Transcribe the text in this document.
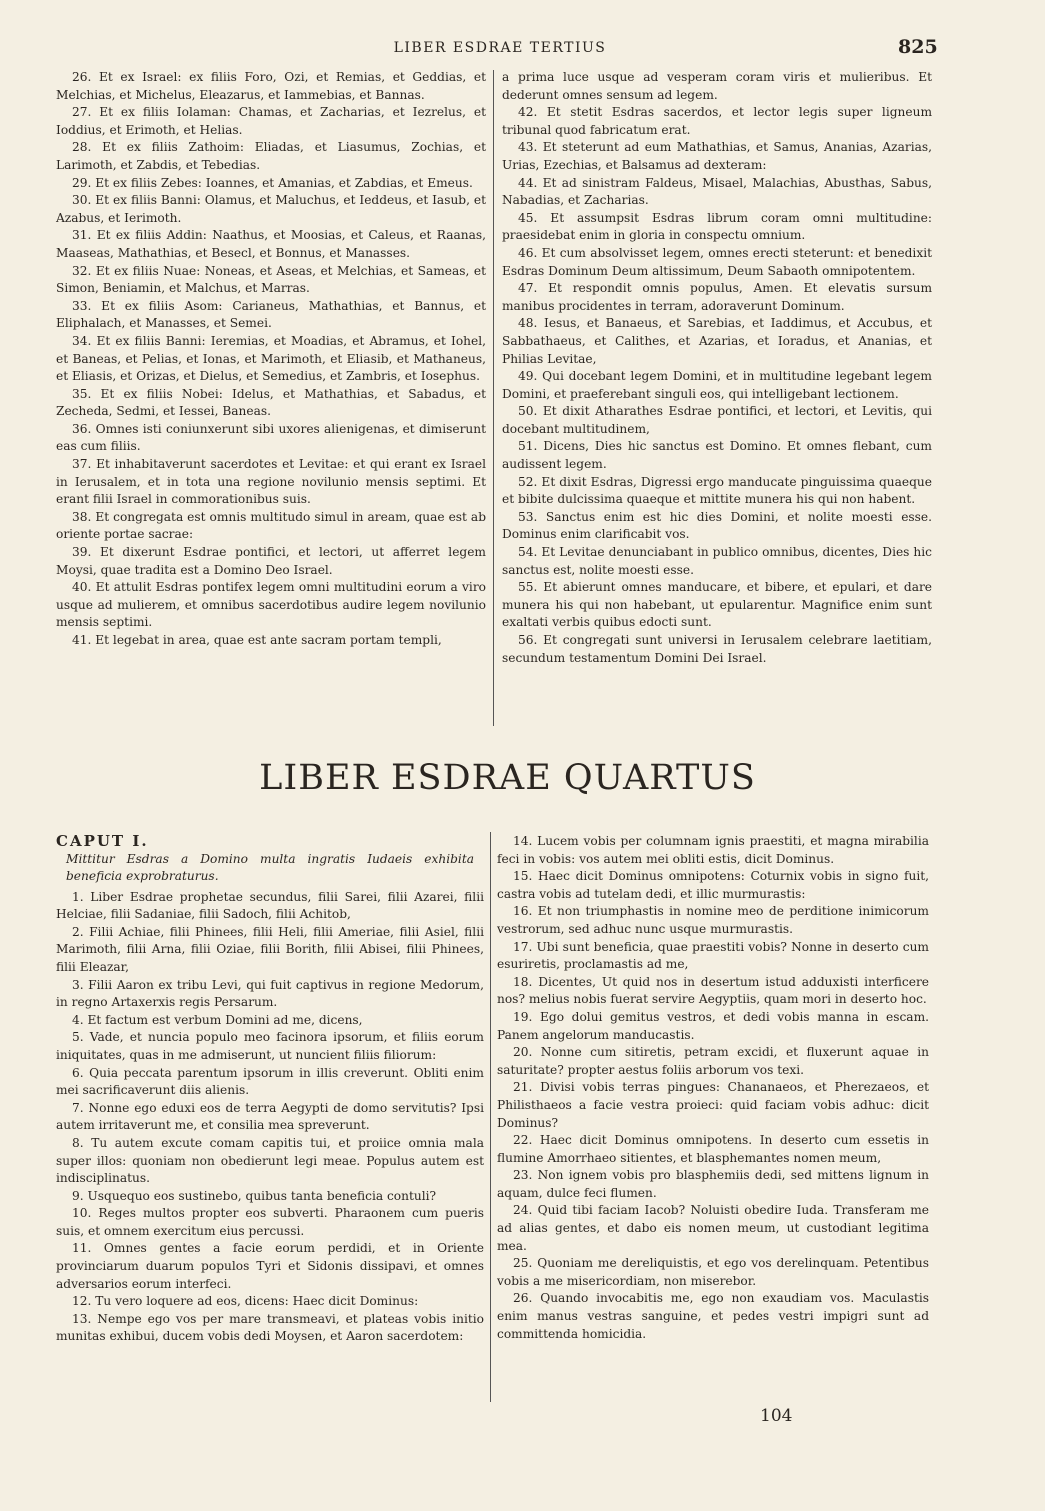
LIBER ESDRAE TERTIUS	825

26. Et ex Israel: ex filiis Foro, Ozi, et Remias, et Geddias, et Melchias, et Michelus, Eleazarus, et Iammebias, et Bannas.

27. Et ex filiis Iolaman: Chamas, et Zacharias, et Iezrelus, et Ioddius, et Erimoth, et Helias.

28. Et ex filiis Zathoim: Eliadas, et Liasumus, Zochias, et Larimoth, et Zabdis, et Tebedias.

29. Et ex filiis Zebes: Ioannes, et Amanias, et Zabdias, et Emeus.

30. Et ex filiis Banni: Olamus, et Maluchus, et Ieddeus, et Iasub, et Azabus, et Ierimoth.

31. Et ex filiis Addin: Naathus, et Moosias, et Caleus, et Raanas, Maaseas, Mathathias, et Besecl, et Bonnus, et Manasses.

32. Et ex filiis Nuae: Noneas, et Aseas, et Melchias, et Sameas, et Simon, Beniamin, et Malchus, et Marras.

33. Et ex filiis Asom: Carianeus, Mathathias, et Bannus, et Eliphalach, et Manasses, et Semei.

34. Et ex filiis Banni: Ieremias, et Moadias, et Abramus, et Iohel, et Baneas, et Pelias, et Ionas, et Marimoth, et Eliasib, et Mathaneus, et Eliasis, et Orizas, et Dielus, et Semedius, et Zambris, et Iosephus.

35. Et ex filiis Nobei: Idelus, et Mathathias, et Sabadus, et Zecheda, Sedmi, et Iessei, Baneas.

36. Omnes isti coniunxerunt sibi uxores alienigenas, et dimiserunt eas cum filiis.

37. Et inhabitaverunt sacerdotes et Levitae: et qui erant ex Israel in Ierusalem, et in tota una regione novilunio mensis septimi. Et erant filii Israel in commorationibus suis.

38. Et congregata est omnis multitudo simul in aream, quae est ab oriente portae sacrae:

39. Et dixerunt Esdrae pontifici, et lectori, ut afferret legem Moysi, quae tradita est a Domino Deo Israel.

40. Et attulit Esdras pontifex legem omni multitudini eorum a viro usque ad mulierem, et omnibus sacerdotibus audire legem novilunio mensis septimi.

41. Et legebat in area, quae est ante sacram portam templi,

a prima luce usque ad vesperam coram viris et mulieribus. Et dederunt omnes sensum ad legem.

42. Et stetit Esdras sacerdos, et lector legis super ligneum tribunal quod fabricatum erat.

43. Et steterunt ad eum Mathathias, et Samus, Ananias, Azarias, Urias, Ezechias, et Balsamus ad dexteram:

44. Et ad sinistram Faldeus, Misael, Malachias, Abusthas, Sabus, Nabadias, et Zacharias.

45. Et assumpsit Esdras librum coram omni multitudine: praesidebat enim in gloria in conspectu omnium.

46. Et cum absolvisset legem, omnes erecti steterunt: et benedixit Esdras Dominum Deum altissimum, Deum Sabaoth omnipotentem.

47. Et respondit omnis populus, Amen. Et elevatis sursum manibus procidentes in terram, adoraverunt Dominum.

48. Iesus, et Banaeus, et Sarebias, et Iaddimus, et Accubus, et Sabbathaeus, et Calithes, et Azarias, et Ioradus, et Ananias, et Philias Levitae,

49. Qui docebant legem Domini, et in multitudine legebant legem Domini, et praeferebant singuli eos, qui intelligebant lectionem.

50. Et dixit Atharathes Esdrae pontifici, et lectori, et Levitis, qui docebant multitudinem,

51. Dicens, Dies hic sanctus est Domino. Et omnes flebant, cum audissent legem.

52. Et dixit Esdras, Digressi ergo manducate pinguissima quaeque et bibite dulcissima quaeque et mittite munera his qui non habent.

53. Sanctus enim est hic dies Domini, et nolite moesti esse. Dominus enim clarificabit vos.

54. Et Levitae denunciabant in publico omnibus, dicentes, Dies hic sanctus est, nolite moesti esse.

55. Et abierunt omnes manducare, et bibere, et epulari, et dare munera his qui non habebant, ut epularentur. Magnifice enim sunt exaltati verbis quibus edocti sunt.

56. Et congregati sunt universi in Ierusalem celebrare laetitiam, secundum testamentum Domini Dei Israel.

LIBER ESDRAE QUARTUS

CAPUT I.

Mittitur Esdras a Domino multa ingratis Iudaeis exhibita beneficia exprobraturus.

1. Liber Esdrae prophetae secundus, filii Sarei, filii Azarei, filii Helciae, filii Sadaniae, filii Sadoch, filii Achitob,

2. Filii Achiae, filii Phinees, filii Heli, filii Ameriae, filii Asiel, filii Marimoth, filii Arna, filii Oziae, filii Borith, filii Abisei, filii Phinees, filii Eleazar,

3. Filii Aaron ex tribu Levi, qui fuit captivus in regione Medorum, in regno Artaxerxis regis Persarum.

4. Et factum est verbum Domini ad me, dicens,

5. Vade, et nuncia populo meo facinora ipsorum, et filiis eorum iniquitates, quas in me admiserunt, ut nuncient filiis filiorum:

6. Quia peccata parentum ipsorum in illis creverunt. Obliti enim mei sacrificaverunt diis alienis.

7. Nonne ego eduxi eos de terra Aegypti de domo servitutis? Ipsi autem irritaverunt me, et consilia mea spreverunt.

8. Tu autem excute comam capitis tui, et proiice omnia mala super illos: quoniam non obedierunt legi meae. Populus autem est indisciplinatus.

9. Usquequo eos sustinebo, quibus tanta beneficia contuli?

10. Reges multos propter eos subverti. Pharaonem cum pueris suis, et omnem exercitum eius percussi.

11. Omnes gentes a facie eorum perdidi, et in Oriente provinciarum duarum populos Tyri et Sidonis dissipavi, et omnes adversarios eorum interfeci.

12. Tu vero loquere ad eos, dicens: Haec dicit Dominus:

13. Nempe ego vos per mare transmeavi, et plateas vobis initio munitas exhibui, ducem vobis dedi Moysen, et Aaron sacerdotem:

14. Lucem vobis per columnam ignis praestiti, et magna mirabilia feci in vobis: vos autem mei obliti estis, dicit Dominus.

15. Haec dicit Dominus omnipotens: Coturnix vobis in signo fuit, castra vobis ad tutelam dedi, et illic murmurastis:

16. Et non triumphastis in nomine meo de perditione inimicorum vestrorum, sed adhuc nunc usque murmurastis.

17. Ubi sunt beneficia, quae praestiti vobis? Nonne in deserto cum esuriretis, proclamastis ad me,

18. Dicentes, Ut quid nos in desertum istud adduxisti interficere nos? melius nobis fuerat servire Aegyptiis, quam mori in deserto hoc.

19. Ego dolui gemitus vestros, et dedi vobis manna in escam. Panem angelorum manducastis.

20. Nonne cum sitiretis, petram excidi, et fluxerunt aquae in saturitate? propter aestus foliis arborum vos texi.

21. Divisi vobis terras pingues: Chananaeos, et Pherezaeos, et Philisthaeos a facie vestra proieci: quid faciam vobis adhuc: dicit Dominus?

22. Haec dicit Dominus omnipotens. In deserto cum essetis in flumine Amorrhaeo sitientes, et blasphemantes nomen meum,

23. Non ignem vobis pro blasphemiis dedi, sed mittens lignum in aquam, dulce feci flumen.

24. Quid tibi faciam Iacob? Noluisti obedire Iuda. Transferam me ad alias gentes, et dabo eis nomen meum, ut custodiant legitima mea.

25. Quoniam me dereliquistis, et ego vos derelinquam. Petentibus vobis a me misericordiam, non miserebor.

26. Quando invocabitis me, ego non exaudiam vos. Maculastis enim manus vestras sanguine, et pedes vestri impigri sunt ad committenda homicidia.

104
